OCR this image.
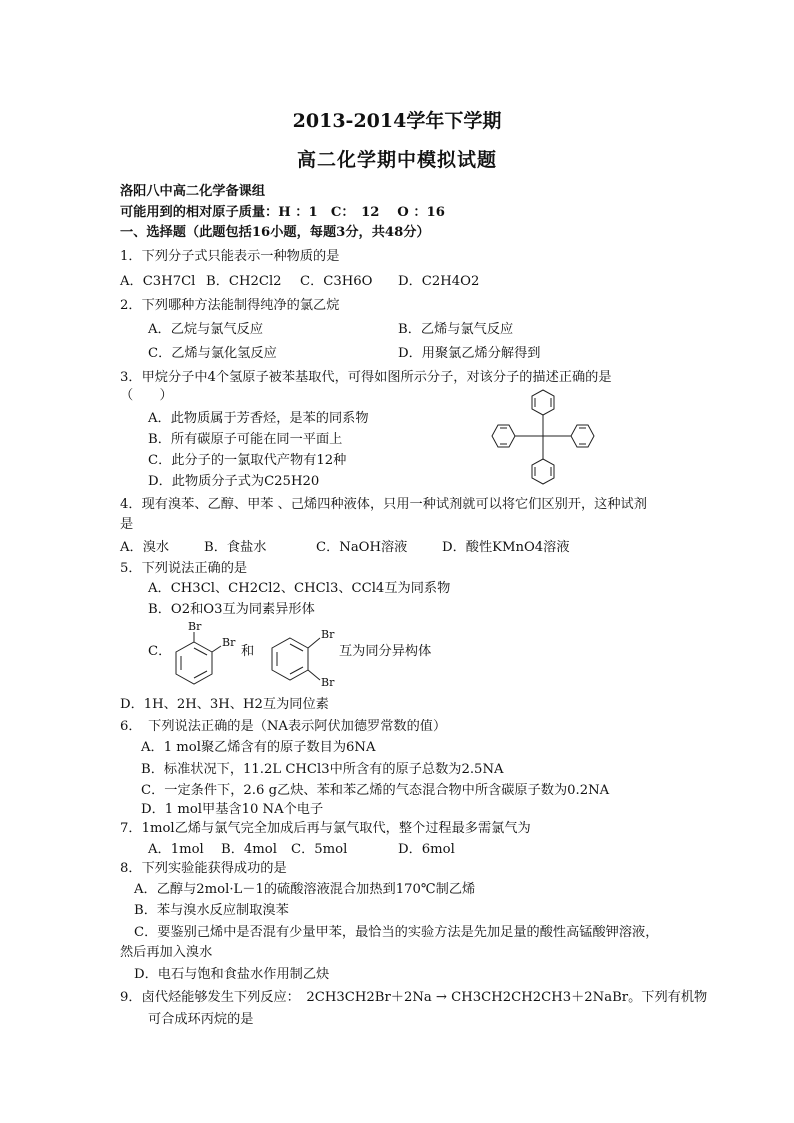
2013-2014学年下学期
高二化学期中模拟试题
洛阳八中高二化学备课组
可能用到的相对原子质量：H ：1　C：　12　 O ：16
一、选择题（此题包括16小题，每题3分，共48分）
1．下列分子式只能表示一种物质的是
A．C3H7Cl B．CH2Cl2 C．C3H6O D．C2H4O2
2．下列哪种方法能制得纯净的氯乙烷
A．乙烷与氯气反应	B．乙烯与氯气反应
C．乙烯与氯化氢反应	D．用聚氯乙烯分解得到
3．甲烷分子中4个氢原子被苯基取代，可得如图所示分子，对该分子的描述正确的是
（　　）
A．此物质属于芳香烃，是苯的同系物
B．所有碳原子可能在同一平面上
C．此分子的一氯取代产物有12种
D．此物质分子式为C25H20
4．现有溴苯、乙醇、甲苯 、己烯四种液体，只用一种试剂就可以将它们区别开，这种试剂
是
A．溴水	B．食盐水	C．NaOH溶液	D．酸性KMnO4溶液
5．下列说法正确的是
A．CH3Cl、CH2Cl2、CHCl3、CCl4互为同系物
B．O2和O3互为同素异形体
C．	和	互为同分异构体
Br
Br
Br
Br
D．1H、2H、3H、H2互为同位素
6．　下列说法正确的是（NA表示阿伏加德罗常数的值）
A．1 mol聚乙烯含有的原子数目为6NA
B．标准状况下，11.2L CHCl3中所含有的原子总数为2.5NA
C．一定条件下，2.6 g乙炔、苯和苯乙烯的气态混合物中所含碳原子数为0.2NA
D．1 mol甲基含10 NA个电子
7．1mol乙烯与氯气完全加成后再与氯气取代，整个过程最多需氯气为
A．1mol B．4mol C．5mol	D．6mol
8．下列实验能获得成功的是
A．乙醇与2mol·L－1的硫酸溶液混合加热到170℃制乙烯
B．苯与溴水反应制取溴苯
C．要鉴别己烯中是否混有少量甲苯，最恰当的实验方法是先加足量的酸性高锰酸钾溶液，
然后再加入溴水
D．电石与饱和食盐水作用制乙炔
9．卤代烃能够发生下列反应：　2CH3CH2Br＋2Na → CH3CH2CH2CH3＋2NaBr。下列有机物
可合成环丙烷的是
